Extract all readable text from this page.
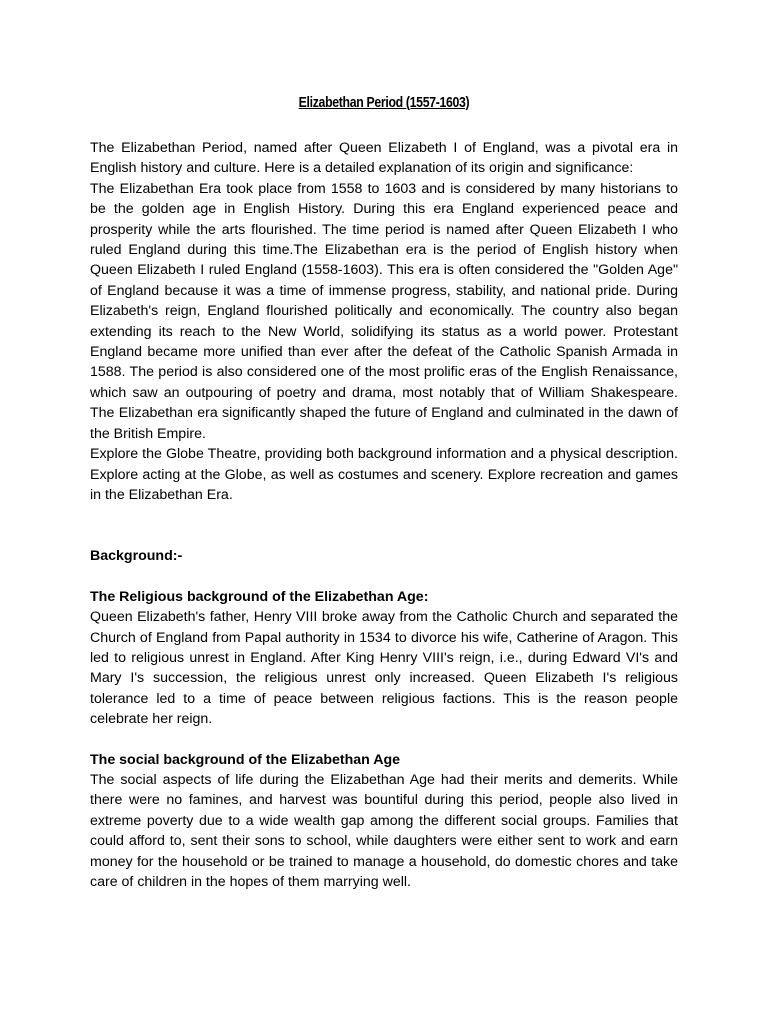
Elizabethan Period (1557-1603)

The Elizabethan Period, named after Queen Elizabeth I of England, was a pivotal era in English history and culture. Here is a detailed explanation of its origin and significance:

The Elizabethan Era took place from 1558 to 1603 and is considered by many historians to be the golden age in English History. During this era England experienced peace and prosperity while the arts flourished. The time period is named after Queen Elizabeth I who ruled England during this time.The Elizabethan era is the period of English history when Queen Elizabeth I ruled England (1558-1603). This era is often considered the "Golden Age" of England because it was a time of immense progress, stability, and national pride. During Elizabeth's reign, England flourished politically and economically. The country also began extending its reach to the New World, solidifying its status as a world power. Protestant England became more unified than ever after the defeat of the Catholic Spanish Armada in 1588. The period is also considered one of the most prolific eras of the English Renaissance, which saw an outpouring of poetry and drama, most notably that of William Shakespeare. The Elizabethan era significantly shaped the future of England and culminated in the dawn of the British Empire.

Explore the Globe Theatre, providing both background information and a physical description. Explore acting at the Globe, as well as costumes and scenery. Explore recreation and games in the Elizabethan Era.

Background:-
The Religious background of the Elizabethan Age:

Queen Elizabeth's father, Henry VIII broke away from the Catholic Church and separated the Church of England from Papal authority in 1534 to divorce his wife, Catherine of Aragon. This led to religious unrest in England. After King Henry VIII's reign, i.e., during Edward VI's and Mary I's succession, the religious unrest only increased. Queen Elizabeth I's religious tolerance led to a time of peace between religious factions. This is the reason people celebrate her reign.

The social background of the Elizabethan Age

The social aspects of life during the Elizabethan Age had their merits and demerits. While there were no famines, and harvest was bountiful during this period, people also lived in extreme poverty due to a wide wealth gap among the different social groups. Families that could afford to, sent their sons to school, while daughters were either sent to work and earn money for the household or be trained to manage a household, do domestic chores and take care of children in the hopes of them marrying well.
